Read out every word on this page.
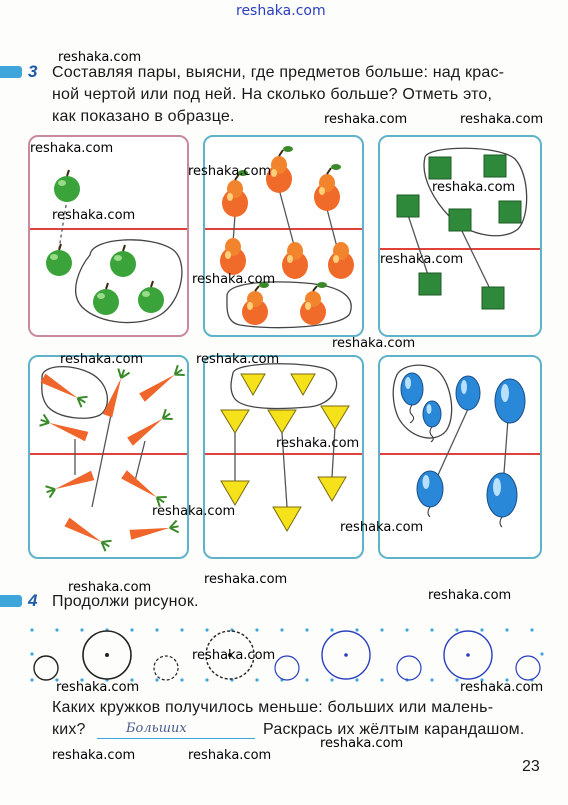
reshaka.com
3 Составляя пары, выясни, где предметов больше: над крас-
ной чертой или под ней. На сколько больше? Отметь это,
как показано в образце.
4 Продолжи рисунок.
Каких кружков получилось меньше: больших или малень-
ких?	Больших	Раскрась их жёлтым карандашом.
23
reshaka.com
reshaka.com	reshaka.com
reshaka.com
reshaka.com
reshaka.com
reshaka.com
reshaka.com
reshaka.com
reshaka.com
reshaka.com	reshaka.com
reshaka.com
reshaka.com
reshaka.com
reshaka.com
reshaka.com
reshaka.com
reshaka.com
reshaka.com	reshaka.com
reshaka.com
reshaka.com	reshaka.com
